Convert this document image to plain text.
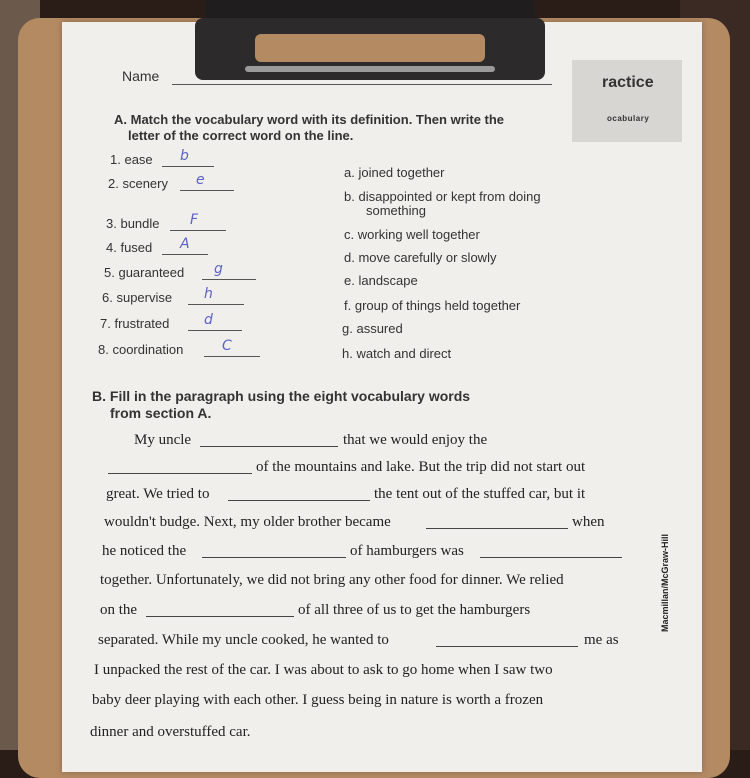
ractice
ocabulary
Name
A. Match the vocabulary word with its definition. Then write the
letter of the correct word on the line.
1. ease b
2. scenery e
3. bundle F
4. fused A
5. guaranteed g
6. supervise h
7. frustrated d
8. coordination	C
a. joined together
b. disappointed or kept from doing
something
c. working well together
d. move carefully or slowly
e. landscape
f. group of things held together
g. assured
h. watch and direct
B. Fill in the paragraph using the eight vocabulary words
from section A.
My uncle	that we would enjoy the
of the mountains and lake. But the trip did not start out
great. We tried to	the tent out of the stuffed car, but it
wouldn't budge. Next, my older brother became	when
he noticed the	of hamburgers was
together. Unfortunately, we did not bring any other food for dinner. We relied
on the	of all three of us to get the hamburgers
separated. While my uncle cooked, he wanted to	me as
I unpacked the rest of the car. I was about to ask to go home when I saw two
baby deer playing with each other. I guess being in nature is worth a frozen
dinner and overstuffed car.
Macmillan/McGraw-Hill
